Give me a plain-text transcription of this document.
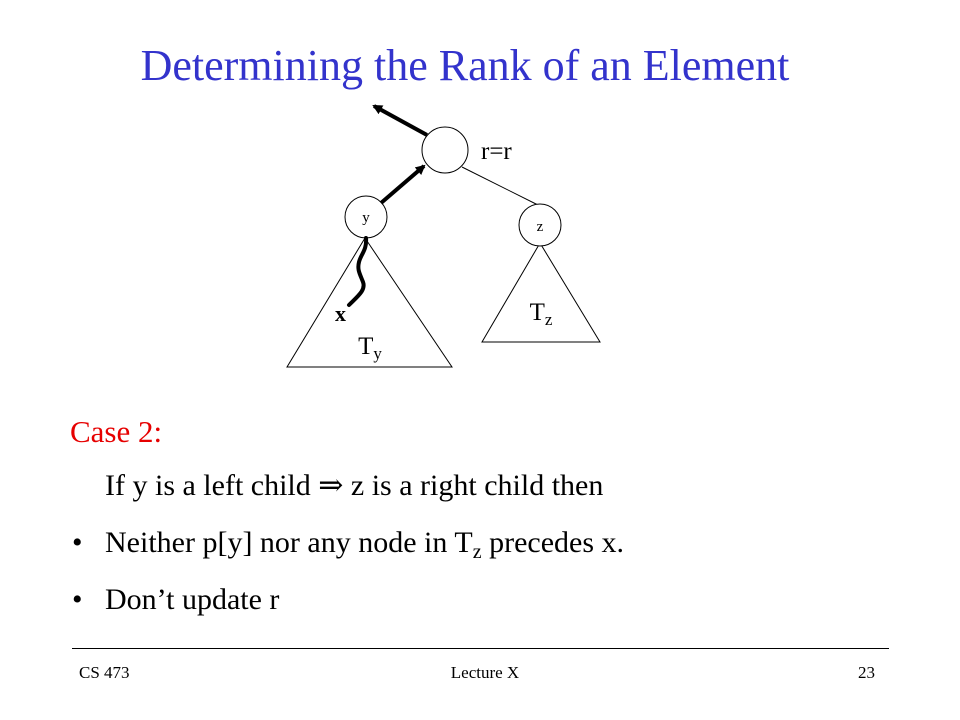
Determining the Rank of an Element
y
z
r=r
$T_z$
$T_y$
x
Case 2:
If y is a left child ⇒ z is a right child then
• Neither p[y] nor any node in $T_z$ precedes x.
• Don’t update r
CS 473	Lecture X	23
